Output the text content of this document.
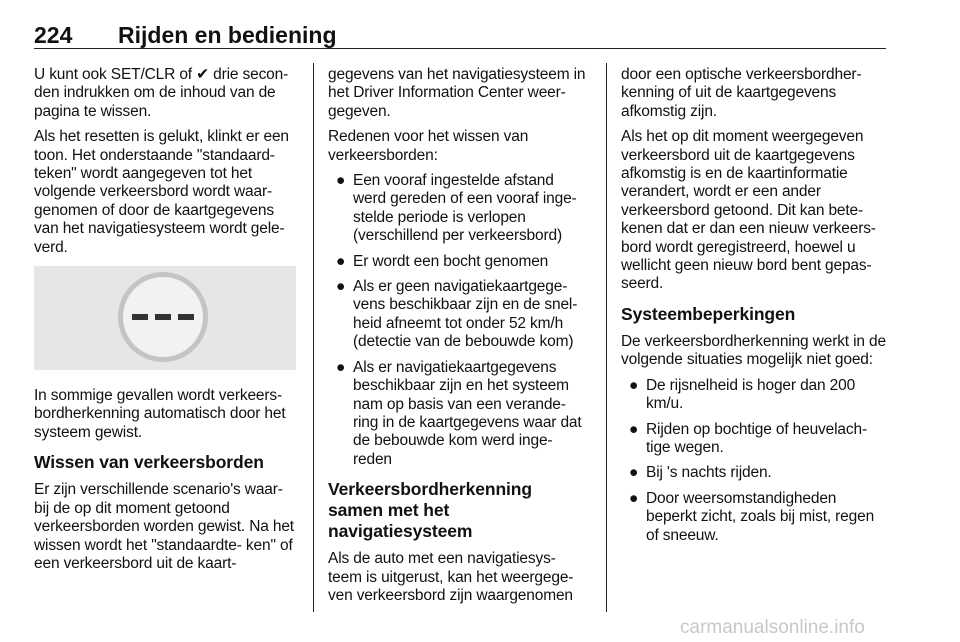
224 Rijden en bediening

U kunt ook SET/CLR of ✔ drie secon- den indrukken om de inhoud van de pagina te wissen.

Als het resetten is gelukt, klinkt er een toon. Het onderstaande "standaard- teken" wordt aangegeven tot het volgende verkeersbord wordt waar- genomen of door de kaartgegevens van het navigatiesysteem wordt gele- verd.

In sommige gevallen wordt verkeers- bordherkenning automatisch door het systeem gewist.

Wissen van verkeersborden

Er zijn verschillende scenario's waar- bij de op dit moment getoond verkeersborden worden gewist. Na het wissen wordt het "standaardte- ken" of een verkeersbord uit de kaart-

gegevens van het navigatiesysteem in het Driver Information Center weer- gegeven.

Redenen voor het wissen van verkeersborden:

● Een vooraf ingestelde afstand werd gereden of een vooraf inge- stelde periode is verlopen (verschillend per verkeersbord)
● Er wordt een bocht genomen
● Als er geen navigatiekaartgege- vens beschikbaar zijn en de snel- heid afneemt tot onder 52 km/h (detectie van de bebouwde kom)
● Als er navigatiekaartgegevens beschikbaar zijn en het systeem nam op basis van een verande- ring in de kaartgegevens waar dat de bebouwde kom werd inge- reden
Verkeersbordherkenning samen met het navigatiesysteem

Als de auto met een navigatiesys- teem is uitgerust, kan het weergege- ven verkeersbord zijn waargenomen

door een optische verkeersbordher- kenning of uit de kaartgegevens afkomstig zijn.

Als het op dit moment weergegeven verkeersbord uit de kaartgegevens afkomstig is en de kaartinformatie verandert, wordt er een ander verkeersbord getoond. Dit kan bete- kenen dat er dan een nieuw verkeers- bord wordt geregistreerd, hoewel u wellicht geen nieuw bord bent gepas- seerd.

Systeembeperkingen

De verkeersbordherkenning werkt in de volgende situaties mogelijk niet goed:

● De rijsnelheid is hoger dan 200 km/u.
● Rijden op bochtige of heuvelach- tige wegen.
● Bij 's nachts rijden.
● Door weersomstandigheden beperkt zicht, zoals bij mist, regen of sneeuw.
carmanualsonline.info
